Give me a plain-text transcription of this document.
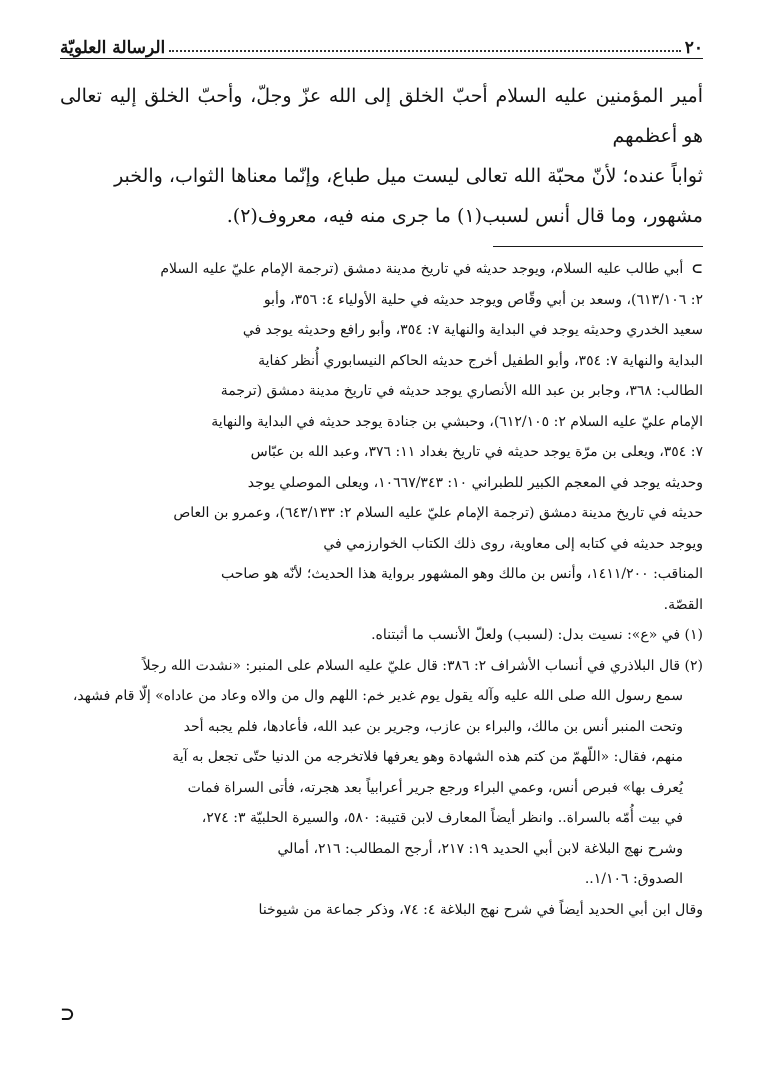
٢٠
الرسالة العلويّة

أمير المؤمنين عليه السلام أحبّ الخلق إلى الله عزّ وجلّ، وأحبّ الخلق إليه تعالى هو أعظمهم

ثواباً عنده؛ لأنّ محبّة الله تعالى ليست ميل طباع، وإنّما معناها الثواب، والخبر

مشهور، وما قال أنس لسبب(١) ما جرى منه فيه، معروف(٢).

⊃أبي طالب عليه السلام، ويوجد حديثه في تاريخ مدينة دمشق (ترجمة الإمام عليّ عليه السلام

٢: ٦١٣/١٠٦)، وسعد بن أبي وقّاص ويوجد حديثه في حلية الأولياء ٤: ٣٥٦، وأبو

سعيد الخدري وحديثه يوجد في البداية والنهاية ٧: ٣٥٤، وأبو رافع وحديثه يوجد في

البداية والنهاية ٧: ٣٥٤، وأبو الطفيل أخرج حديثه الحاكم النيسابوري أُنظر كفاية

الطالب: ٣٦٨، وجابر بن عبد الله الأنصاري يوجد حديثه في تاريخ مدينة دمشق (ترجمة

الإمام عليّ عليه السلام ٢: ٦١٢/١٠٥)، وحبشي بن جنادة يوجد حديثه في البداية والنهاية

٧: ٣٥٤، ويعلى بن مرّة يوجد حديثه في تاريخ بغداد ١١: ٣٧٦، وعبد الله بن عبّاس

وحديثه يوجد في المعجم الكبير للطبراني ١٠: ١٠٦٦٧/٣٤٣، ويعلى الموصلي يوجد

حديثه في تاريخ مدينة دمشق (ترجمة الإمام عليّ عليه السلام ٢: ٦٤٣/١٣٣)، وعمرو بن العاص

ويوجد حديثه في كتابه إلى معاوية، روى ذلك الكتاب الخوارزمي في

المناقب: ١٤١١/٢٠٠، وأنس بن مالك وهو المشهور برواية هذا الحديث؛ لأنّه هو صاحب

القصّة.

(١) في «ع»: نسيت بدل: (لسبب) ولعلّ الأنسب ما أثبتناه.

(٢) قال البلاذري في أنساب الأشراف ٢: ٣٨٦: قال عليّ عليه السلام على المنبر: «نشدت الله رجلاً

سمع رسول الله صلى الله عليه وآله يقول يوم غدير خم: اللهم وال من والاه وعاد من عاداه» إلّا قام فشهد،

وتحت المنبر أنس بن مالك، والبراء بن عازب، وجرير بن عبد الله، فأعادها، فلم يجبه أحد

منهم، فقال: «اللّهمّ من كتم هذه الشهادة وهو يعرفها فلاتخرجه من الدنيا حتّى تجعل به آية

يُعرف بها» فبرص أنس، وعمي البراء ورجع جرير أعرابياً بعد هجرته، فأتى السراة فمات

في بيت أُمّه بالسراة.. وانظر أيضاً المعارف لابن قتيبة: ٥٨٠، والسيرة الحلبيّة ٣: ٢٧٤،

وشرح نهج البلاغة لابن أبي الحديد ١٩: ٢١٧، أرجح المطالب: ٢١٦، أمالي

الصدوق: ١/١٠٦..

وقال ابن أبي الحديد أيضاً في شرح نهج البلاغة ٤: ٧٤، وذكر جماعة من شيوخنا

⊂
